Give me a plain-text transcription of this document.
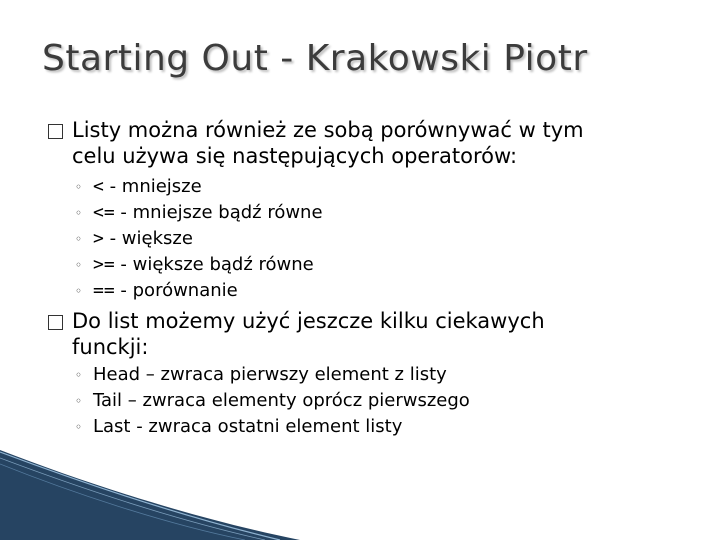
Starting Out - Krakowski Piotr
Listy można również ze sobą porównywać w tym
celu używa się następujących operatorów:
◦ < - mniejsze
◦ <= - mniejsze bądź równe
◦ > - większe
◦ >= - większe bądź równe
◦ == - porównanie
Do list możemy użyć jeszcze kilku ciekawych
funckji:
◦ Head – zwraca pierwszy element z listy
◦ Tail – zwraca elementy oprócz pierwszego
◦ Last - zwraca ostatni element listy
